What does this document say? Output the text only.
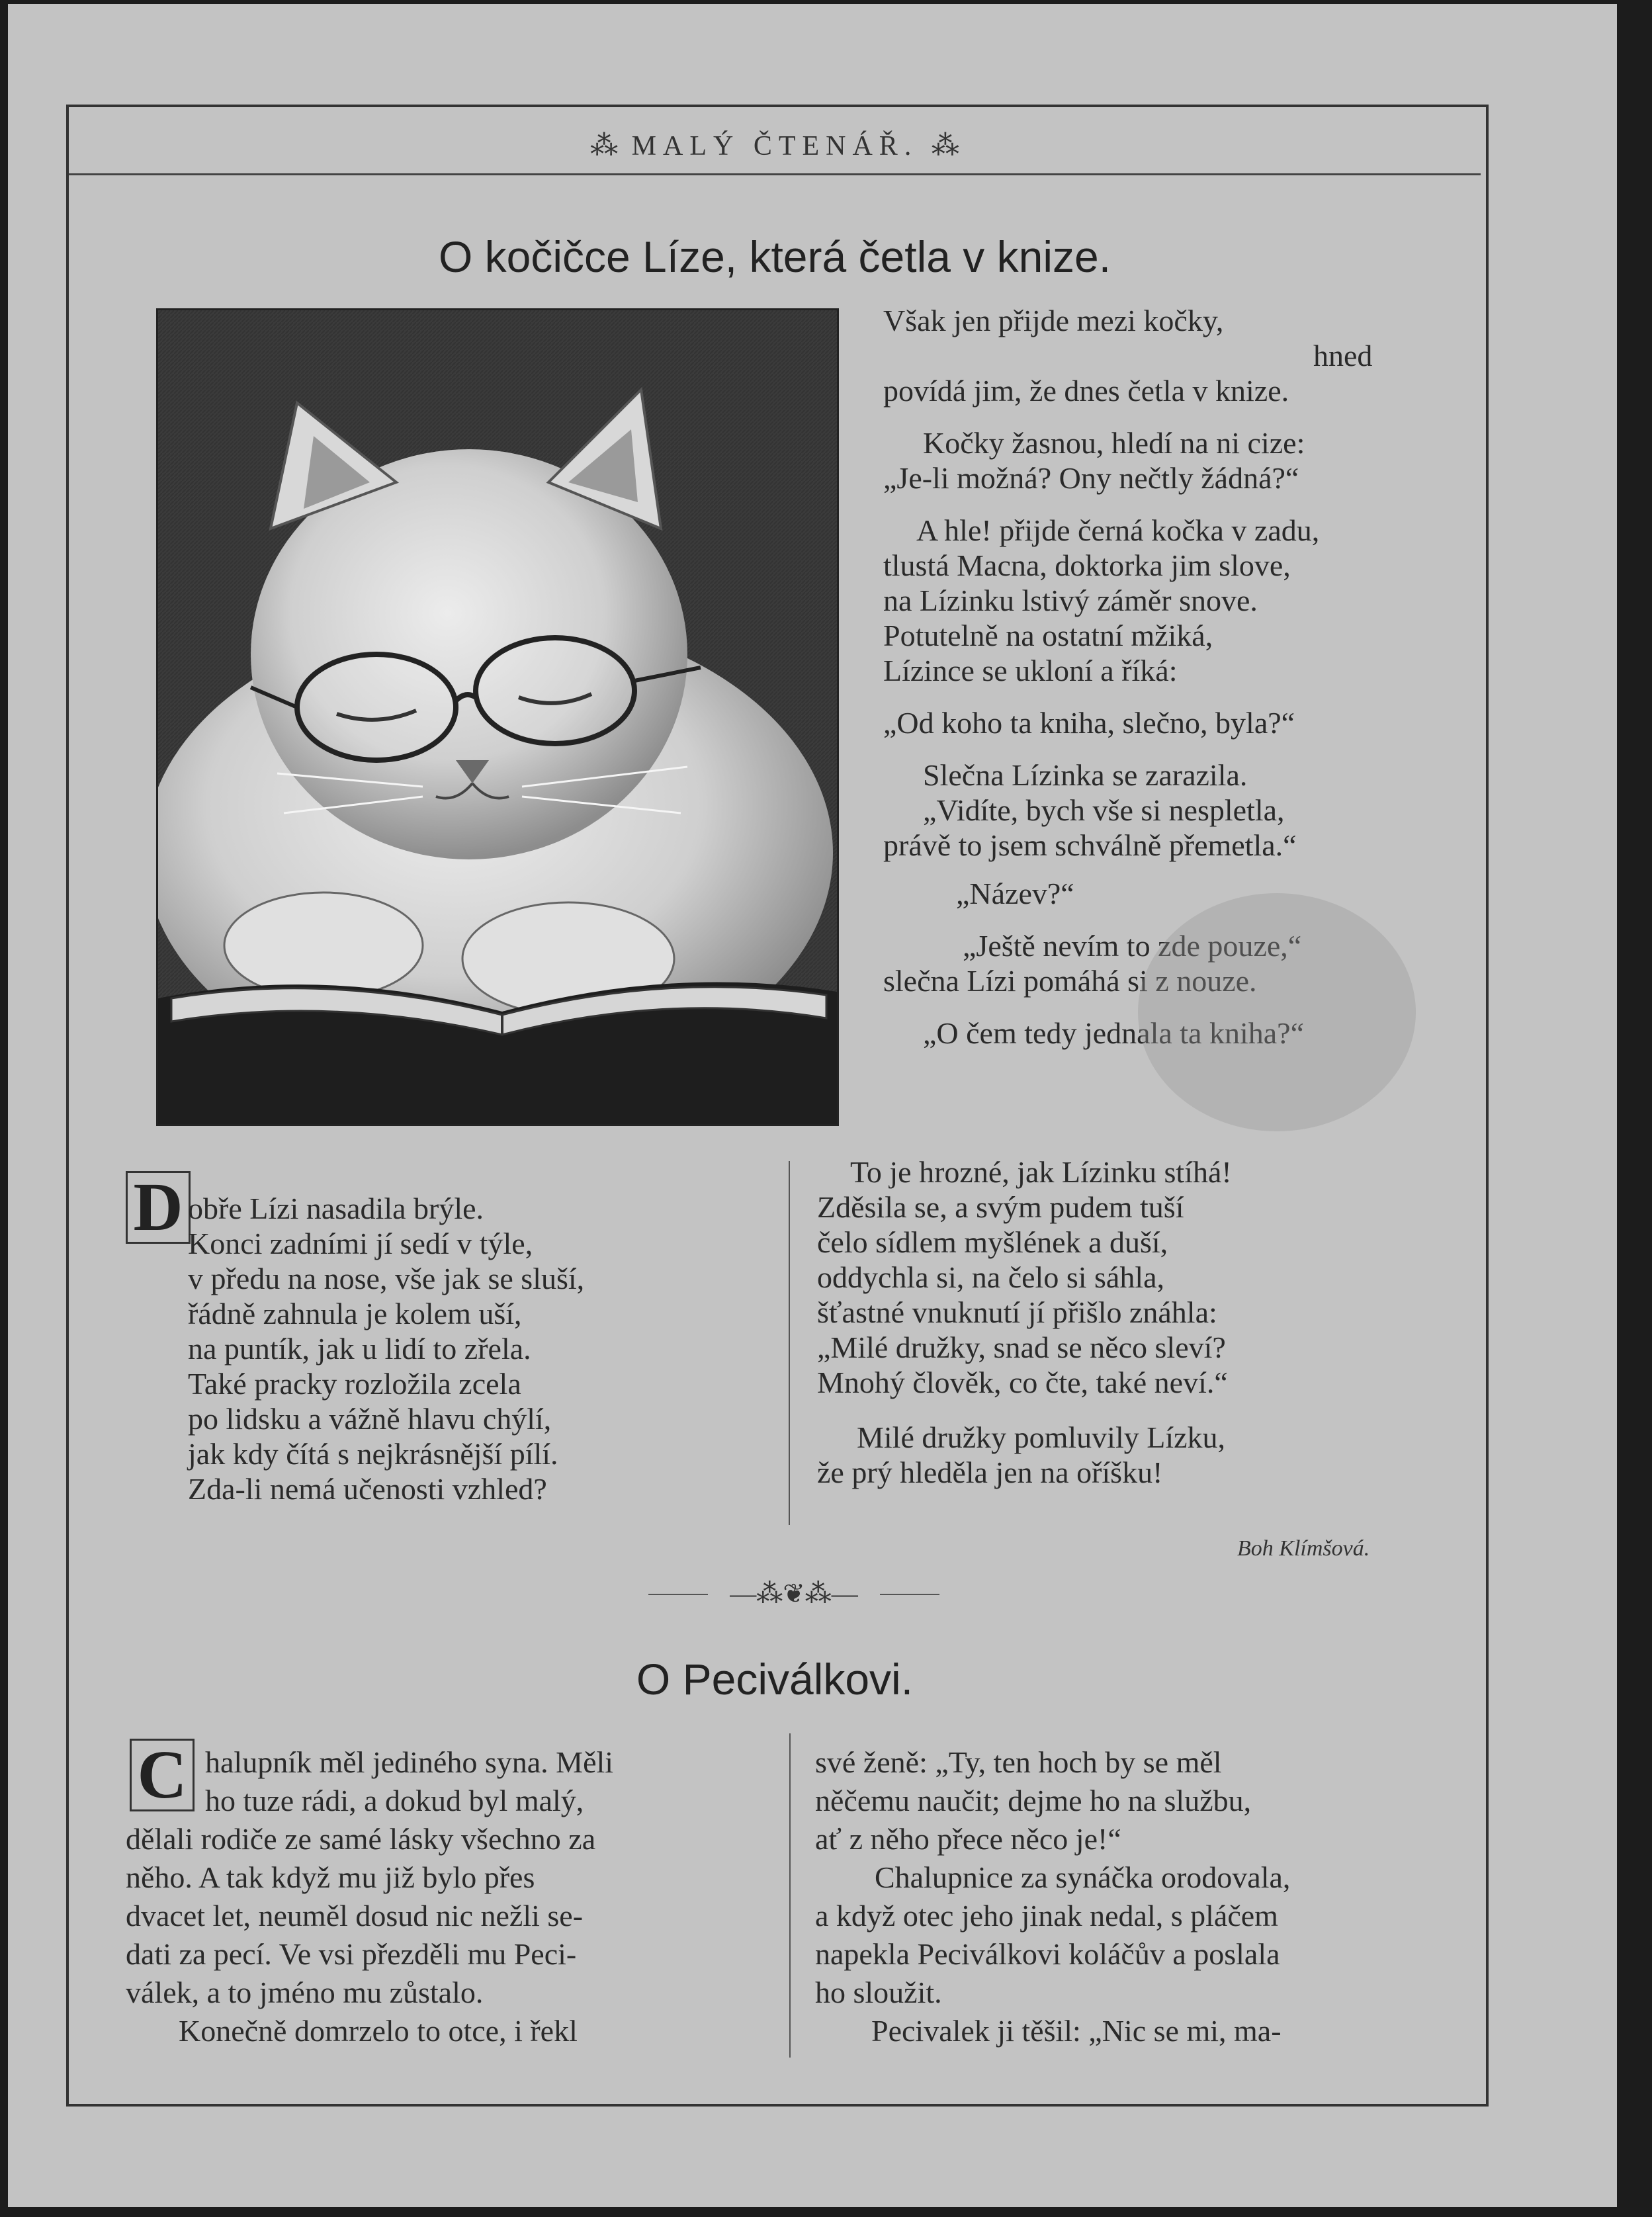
⁂ MALÝ ČTENÁŘ. ⁂
O kočičce Líze, která četla v knize.

Však jen přijde mezi kočky,

hned

povídá jim, že dnes četla v knize.

Kočky žasnou, hledí na ni cize:

„Je-li možná? Ony nečtly žádná?“

A hle! přijde černá kočka v zadu,

tlustá Macna, doktorka jim slove,

na Lízinku lstivý záměr snove.

Potutelně na ostatní mžiká,

Lízince se ukloní a říká:

„Od koho ta kniha, slečno, byla?“

Slečna Lízinka se zarazila.

„Vidíte, bych vše si nespletla,

právě to jsem schválně přemetla.“

„Název?“

„Ještě nevím to zde pouze,“

slečna Lízi pomáhá si z nouze.

„O čem tedy jednala ta kniha?“

D obře Lízi nasadila brýle.

Konci zadními jí sedí v týle,

v předu na nose, vše jak se sluší,

řádně zahnula je kolem uší,

na puntík, jak u lidí to zřela.

Také pracky rozložila zcela

po lidsku a vážně hlavu chýlí,

jak kdy čítá s nejkrásnější pílí.

Zda-li nemá učenosti vzhled?

To je hrozné, jak Lízinku stíhá!

Zděsila se, a svým pudem tuší

čelo sídlem myšlének a duší,

oddychla si, na čelo si sáhla,

šťastné vnuknutí jí přišlo znáhla:

„Milé družky, snad se něco sleví?

Mnohý člověk, co čte, také neví.“

Milé družky pomluvily Lízku,

že prý hleděla jen na oříšku!

Boh Klímšová.
—⁂❦⁂—
O Peciválkovi.
C halupník měl jediného syna. Měli

ho tuze rádi, a dokud byl malý,

dělali rodiče ze samé lásky všechno za

něho. A tak když mu již bylo přes

dvacet let, neuměl dosud nic nežli se-

dati za pecí. Ve vsi přezděli mu Peci-

válek, a to jméno mu zůstalo.

Konečně domrzelo to otce, i řekl

své ženě: „Ty, ten hoch by se měl

něčemu naučit; dejme ho na službu,

ať z něho přece něco je!“

Chalupnice za synáčka orodovala,

a když otec jeho jinak nedal, s pláčem

napekla Peciválkovi koláčův a poslala

ho sloužit.

Pecivalek ji těšil: „Nic se mi, ma-
